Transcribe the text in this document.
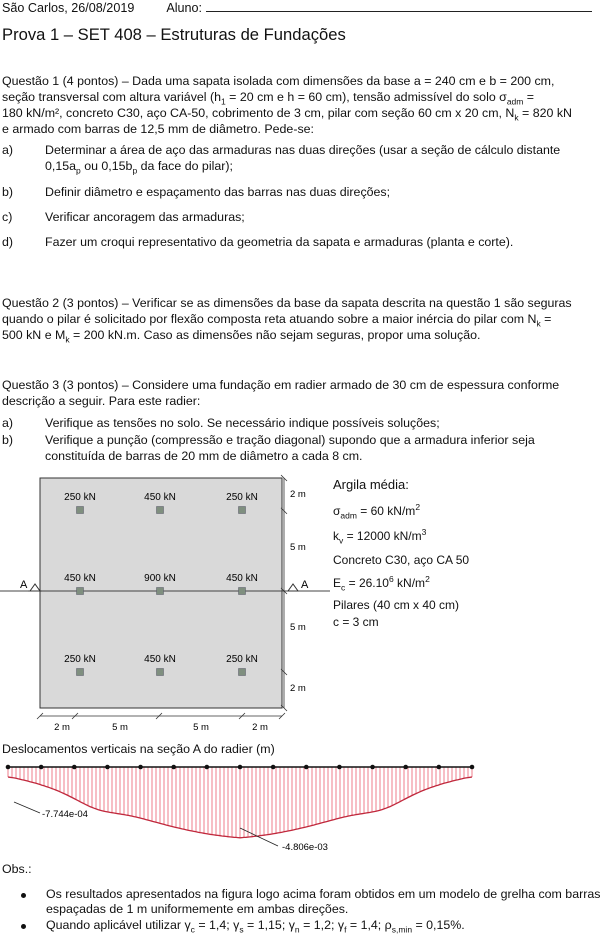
São Carlos, 26/08/2019	Aluno:
Prova 1 – SET 408 – Estruturas de Fundações
Questão 1 (4 pontos) – Dada uma sapata isolada com dimensões da base a = 240 cm e b = 200 cm,
seção transversal com altura variável ($h_1 = 20$ cm e h = 60 cm), tensão admissível do solo $\sigma_{adm}$ =
180 kN/m², concreto C30, aço CA-50, cobrimento de 3 cm, pilar com seção 60 cm x 20 cm, $N_k = 820$ kN
e armado com barras de 12,5 mm de diâmetro. Pede-se:
a)	Determinar a área de aço das armaduras nas duas direções (usar a seção de cálculo distante
$0,15a_p$ ou $0,15b_p$ da face do pilar);
b)	Definir diâmetro e espaçamento das barras nas duas direções;
c)	Verificar ancoragem das armaduras;
d)	Fazer um croqui representativo da geometria da sapata e armaduras (planta e corte).
Questão 2 (3 pontos) – Verificar se as dimensões da base da sapata descrita na questão 1 são seguras
quando o pilar é solicitado por flexão composta reta atuando sobre a maior inércia do pilar com $N_k$ =
500 kN e $M_k = 200$ kN.m. Caso as dimensões não sejam seguras, propor uma solução.
Questão 3 (3 pontos) – Considere uma fundação em radier armado de 30 cm de espessura conforme
descrição a seguir. Para este radier:
a)	Verifique as tensões no solo. Se necessário indique possíveis soluções;
b)	Verifique a punção (compressão e tração diagonal) supondo que a armadura inferior seja
constituída de barras de 20 mm de diâmetro a cada 8 cm.
A	A
250 kN	450 kN	250 kN
450 kN	900 kN	450 kN
250 kN	450 kN	250 kN
2 m
5 m
5 m
2 m
2 m	5 m	5 m	2 m
Argila média:
$\sigma_{adm} = 60$ $kN/m^2$
$k_v = 12000$ $kN/m^3$
Concreto C30, aço CA 50
$E_c = 26.10^6$ $kN/m^2$
Pilares (40 cm x 40 cm)
c = 3 cm
Deslocamentos verticais na seção A do radier (m)
-7.744e-04
-4.806e-03
Obs.:
Os resultados apresentados na figura logo acima foram obtidos em um modelo de grelha com barras
espaçadas de 1 m uniformemente em ambas direções.
Quando aplicável utilizar $\gamma_c = 1,4$; $\gamma_s = 1,15$; $\gamma_n = 1,2$; $\gamma_f = 1,4$; $\rho_{s,min} = 0,15\%$.
